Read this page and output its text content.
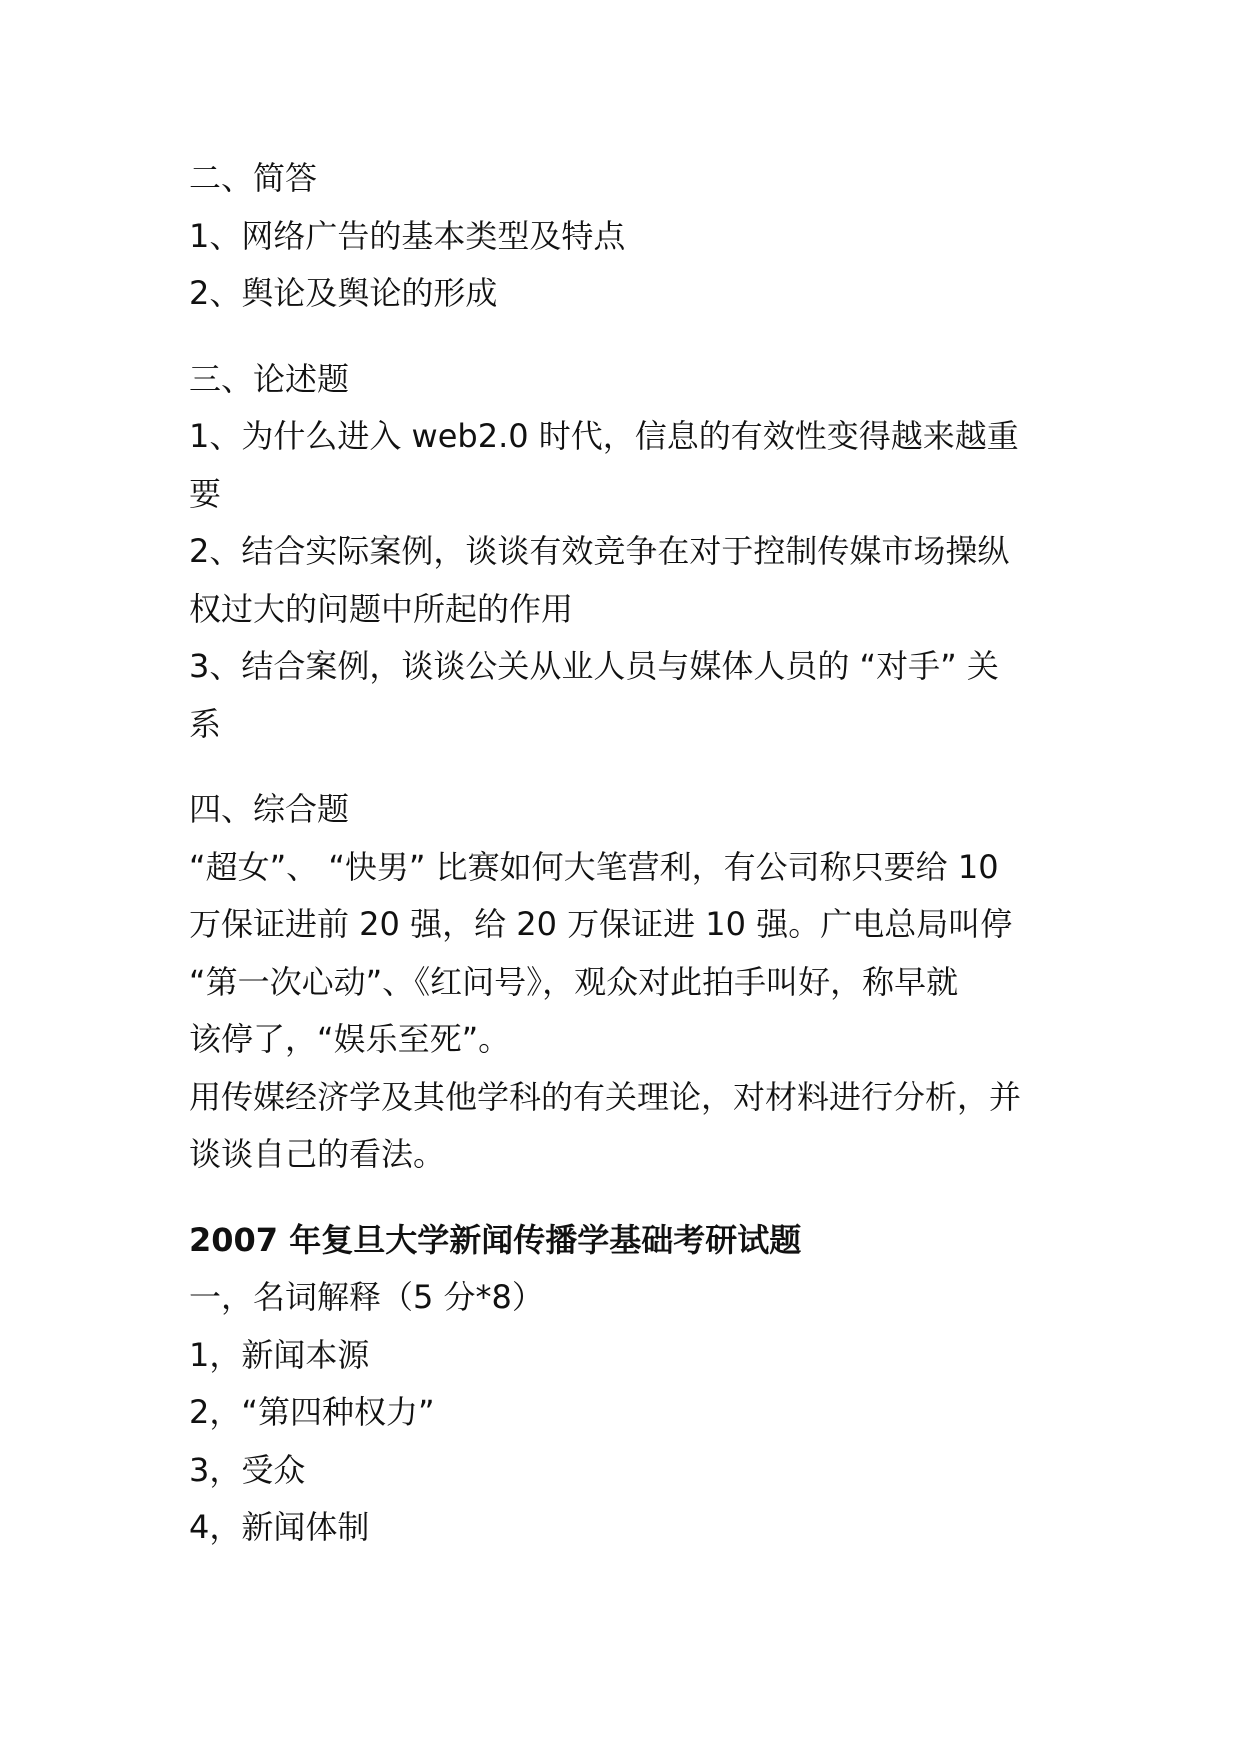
二、简答

1、网络广告的基本类型及特点

2、舆论及舆论的形成

三、论述题

1、为什么进入 web2.0 时代，信息的有效性变得越来越重

要

2、结合实际案例，谈谈有效竞争在对于控制传媒市场操纵

权过大的问题中所起的作用

3、结合案例，谈谈公关从业人员与媒体人员的 “对手” 关

系

四、综合题

“超女”、 “快男” 比赛如何大笔营利，有公司称只要给 10

万保证进前 20 强，给 20 万保证进 10 强。广电总局叫停

“第一次心动”、《红问号》，观众对此拍手叫好，称早就

该停了，“娱乐至死”。

用传媒经济学及其他学科的有关理论，对材料进行分析，并

谈谈自己的看法。

2007 年复旦大学新闻传播学基础考研试题

一，名词解释（5 分*8）

1，新闻本源

2，“第四种权力”

3，受众

4，新闻体制
